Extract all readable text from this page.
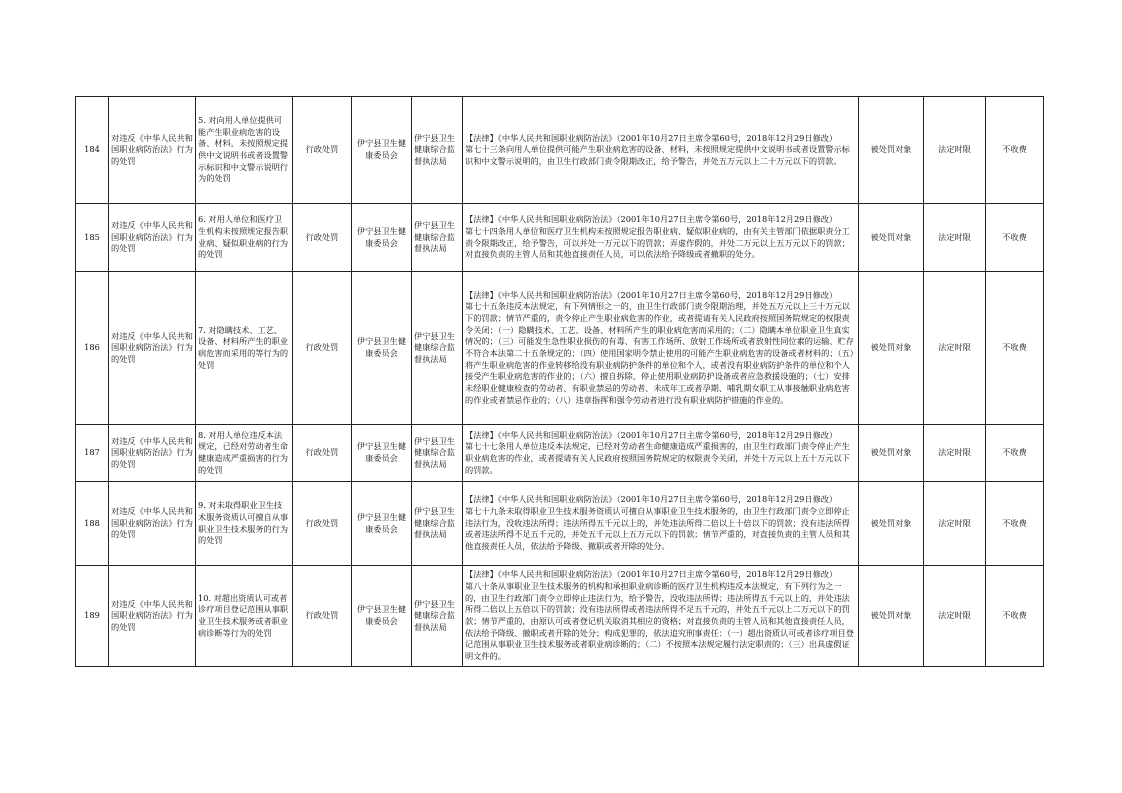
184	对违反《中华人民共和国职业病防治法》行为的处罚	5. 对向用人单位提供可能产生职业病危害的设备、材料，未按照规定提供中文说明书或者设置警示标识和中文警示说明行为的处罚	行政处罚	伊宁县卫生健康委员会	伊宁县卫生健康综合监督执法局	【法律】《中华人民共和国职业病防治法》（2001年10月27日主席令第60号，2018年12月29日修改）
第七十三条向用人单位提供可能产生职业病危害的设备、材料，未按照规定提供中文说明书或者设置警示标识和中文警示说明的，由卫生行政部门责令限期改正，给予警告，并处五万元以上二十万元以下的罚款。	被处罚对象	法定时限	不收费
185	对违反《中华人民共和国职业病防治法》行为的处罚	6. 对用人单位和医疗卫生机构未按照规定报告职业病、疑似职业病的行为的处罚	行政处罚	伊宁县卫生健康委员会	伊宁县卫生健康综合监督执法局	【法律】《中华人民共和国职业病防治法》（2001年10月27日主席令第60号，2018年12月29日修改）
第七十四条用人单位和医疗卫生机构未按照规定报告职业病、疑似职业病的，由有关主管部门依据职责分工责令限期改正，给予警告，可以并处一万元以下的罚款；弄虚作假的，并处二万元以上五万元以下的罚款；对直接负责的主管人员和其他直接责任人员，可以依法给予降级或者撤职的处分。	被处罚对象	法定时限	不收费
186	对违反《中华人民共和国职业病防治法》行为的处罚	7. 对隐瞒技术、工艺、设备、材料所产生的职业病危害而采用的等行为的处罚	行政处罚	伊宁县卫生健康委员会	伊宁县卫生健康综合监督执法局	【法律】《中华人民共和国职业病防治法》（2001年10月27日主席令第60号，2018年12月29日修改）
第七十五条违反本法规定，有下列情形之一的，由卫生行政部门责令限期治理，并处五万元以上三十万元以下的罚款；情节严重的，责令停止产生职业病危害的作业，或者提请有关人民政府按照国务院规定的权限责令关闭：（一）隐瞒技术、工艺、设备、材料所产生的职业病危害而采用的；（二）隐瞒本单位职业卫生真实情况的；（三）可能发生急性职业损伤的有毒、有害工作场所、放射工作场所或者放射性同位素的运输、贮存不符合本法第二十五条规定的；（四）使用国家明令禁止使用的可能产生职业病危害的设备或者材料的；（五）将产生职业病危害的作业转移给没有职业病防护条件的单位和个人，或者没有职业病防护条件的单位和个人接受产生职业病危害的作业的；（六）擅自拆除、停止使用职业病防护设备或者应急救援设施的；（七）安排未经职业健康检查的劳动者、有职业禁忌的劳动者、未成年工或者孕期、哺乳期女职工从事接触职业病危害的作业或者禁忌作业的；（八）违章指挥和强令劳动者进行没有职业病防护措施的作业的。	被处罚对象	法定时限	不收费
187	对违反《中华人民共和国职业病防治法》行为的处罚	8. 对用人单位违反本法规定，已经对劳动者生命健康造成严重损害的行为的处罚	行政处罚	伊宁县卫生健康委员会	伊宁县卫生健康综合监督执法局	【法律】《中华人民共和国职业病防治法》（2001年10月27日主席令第60号，2018年12月29日修改）
第七十七条用人单位违反本法规定，已经对劳动者生命健康造成严重损害的，由卫生行政部门责令停止产生职业病危害的作业，或者提请有关人民政府按照国务院规定的权限责令关闭，并处十万元以上五十万元以下的罚款。	被处罚对象	法定时限	不收费
188	对违反《中华人民共和国职业病防治法》行为的处罚	9. 对未取得职业卫生技术服务资质认可擅自从事职业卫生技术服务的行为的处罚	行政处罚	伊宁县卫生健康委员会	伊宁县卫生健康综合监督执法局	【法律】《中华人民共和国职业病防治法》（2001年10月27日主席令第60号，2018年12月29日修改）
第七十九条未取得职业卫生技术服务资质认可擅自从事职业卫生技术服务的，由卫生行政部门责令立即停止违法行为，没收违法所得；违法所得五千元以上的，并处违法所得二倍以上十倍以下的罚款；没有违法所得或者违法所得不足五千元的，并处五千元以上五万元以下的罚款；情节严重的，对直接负责的主管人员和其他直接责任人员，依法给予降级、撤职或者开除的处分。	被处罚对象	法定时限	不收费
189	对违反《中华人民共和国职业病防治法》行为的处罚	10. 对超出资质认可或者诊疗项目登记范围从事职业卫生技术服务或者职业病诊断等行为的处罚	行政处罚	伊宁县卫生健康委员会	伊宁县卫生健康综合监督执法局	【法律】《中华人民共和国职业病防治法》（2001年10月27日主席令第60号，2018年12月29日修改）
第八十条从事职业卫生技术服务的机构和承担职业病诊断的医疗卫生机构违反本法规定，有下列行为之一的，由卫生行政部门责令立即停止违法行为，给予警告，没收违法所得；违法所得五千元以上的，并处违法所得二倍以上五倍以下的罚款；没有违法所得或者违法所得不足五千元的，并处五千元以上二万元以下的罚款；情节严重的，由原认可或者登记机关取消其相应的资格；对直接负责的主管人员和其他直接责任人员，依法给予降级、撤职或者开除的处分；构成犯罪的，依法追究刑事责任：（一）超出资质认可或者诊疗项目登记范围从事职业卫生技术服务或者职业病诊断的；（二）不按照本法规定履行法定职责的；（三）出具虚假证明文件的。	被处罚对象	法定时限	不收费
